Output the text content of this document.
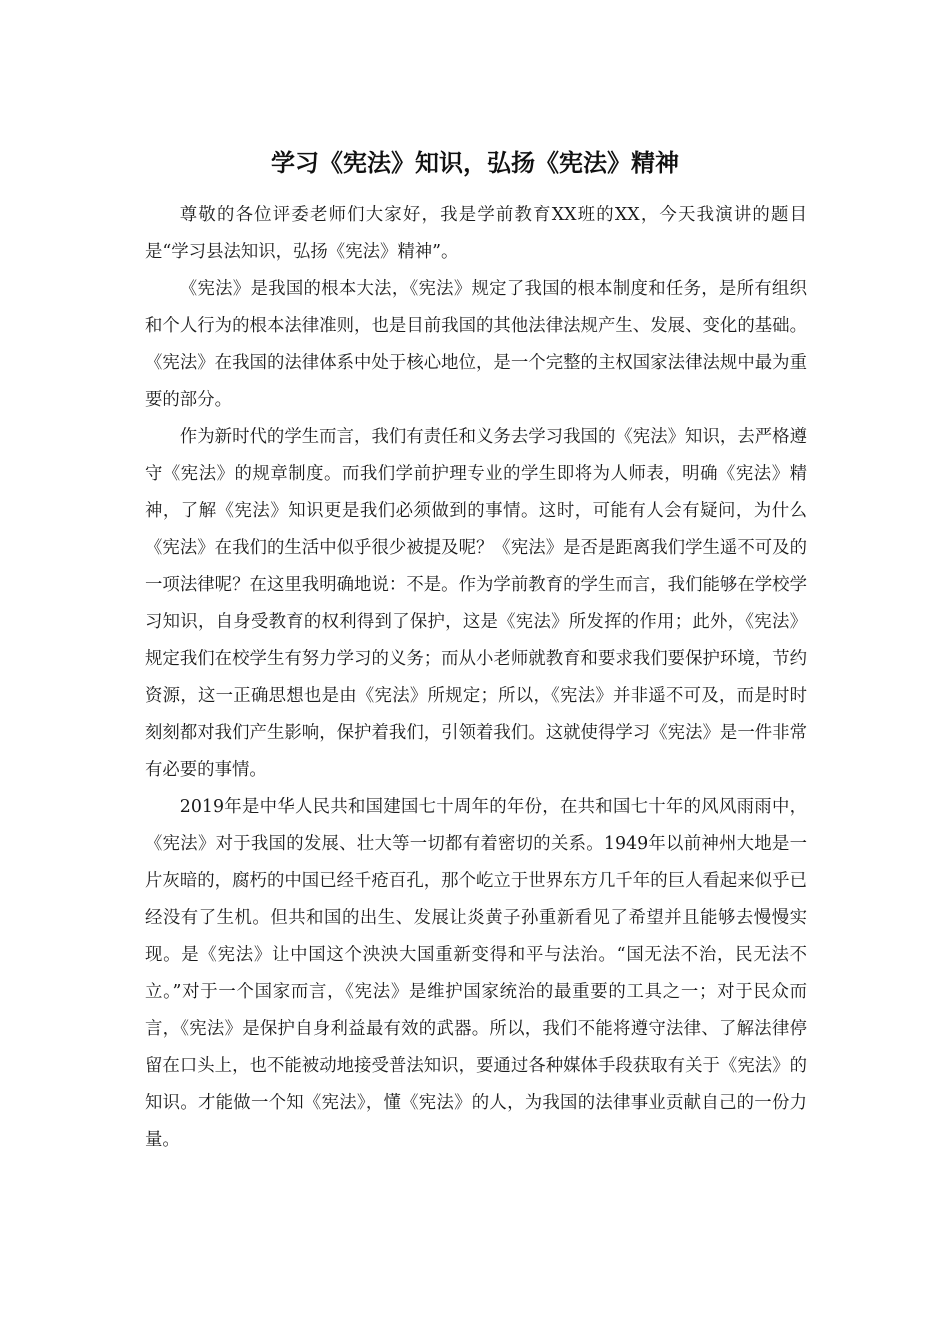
学习《宪法》知识，弘扬《宪法》精神

尊敬的各位评委老师们大家好，我是学前教育XX班的XX，今天我演讲的题目是“学习县法知识，弘扬《宪法》精神”。

《宪法》是我国的根本大法，《宪法》规定了我国的根本制度和任务，是所有组织和个人行为的根本法律准则，也是目前我国的其他法律法规产生、发展、变化的基础。《宪法》在我国的法律体系中处于核心地位，是一个完整的主权国家法律法规中最为重要的部分。

作为新时代的学生而言，我们有责任和义务去学习我国的《宪法》知识，去严格遵守《宪法》的规章制度。而我们学前护理专业的学生即将为人师表，明确《宪法》精神，了解《宪法》知识更是我们必须做到的事情。这时，可能有人会有疑问，为什么《宪法》在我们的生活中似乎很少被提及呢？《宪法》是否是距离我们学生遥不可及的一项法律呢？在这里我明确地说：不是。作为学前教育的学生而言，我们能够在学校学习知识，自身受教育的权利得到了保护，这是《宪法》所发挥的作用；此外，《宪法》规定我们在校学生有努力学习的义务；而从小老师就教育和要求我们要保护环境，节约资源，这一正确思想也是由《宪法》所规定；所以，《宪法》并非遥不可及，而是时时刻刻都对我们产生影响，保护着我们，引领着我们。这就使得学习《宪法》是一件非常有必要的事情。

2019年是中华人民共和国建国七十周年的年份，在共和国七十年的风风雨雨中，《宪法》对于我国的发展、壮大等一切都有着密切的关系。1949年以前神州大地是一片灰暗的，腐朽的中国已经千疮百孔，那个屹立于世界东方几千年的巨人看起来似乎已经没有了生机。但共和国的出生、发展让炎黄子孙重新看见了希望并且能够去慢慢实现。是《宪法》让中国这个泱泱大国重新变得和平与法治。“国无法不治，民无法不立。”对于一个国家而言，《宪法》是维护国家统治的最重要的工具之一；对于民众而言，《宪法》是保护自身利益最有效的武器。所以，我们不能将遵守法律、了解法律停留在口头上，也不能被动地接受普法知识，要通过各种媒体手段获取有关于《宪法》的知识。才能做一个知《宪法》，懂《宪法》的人，为我国的法律事业贡献自己的一份力量。
